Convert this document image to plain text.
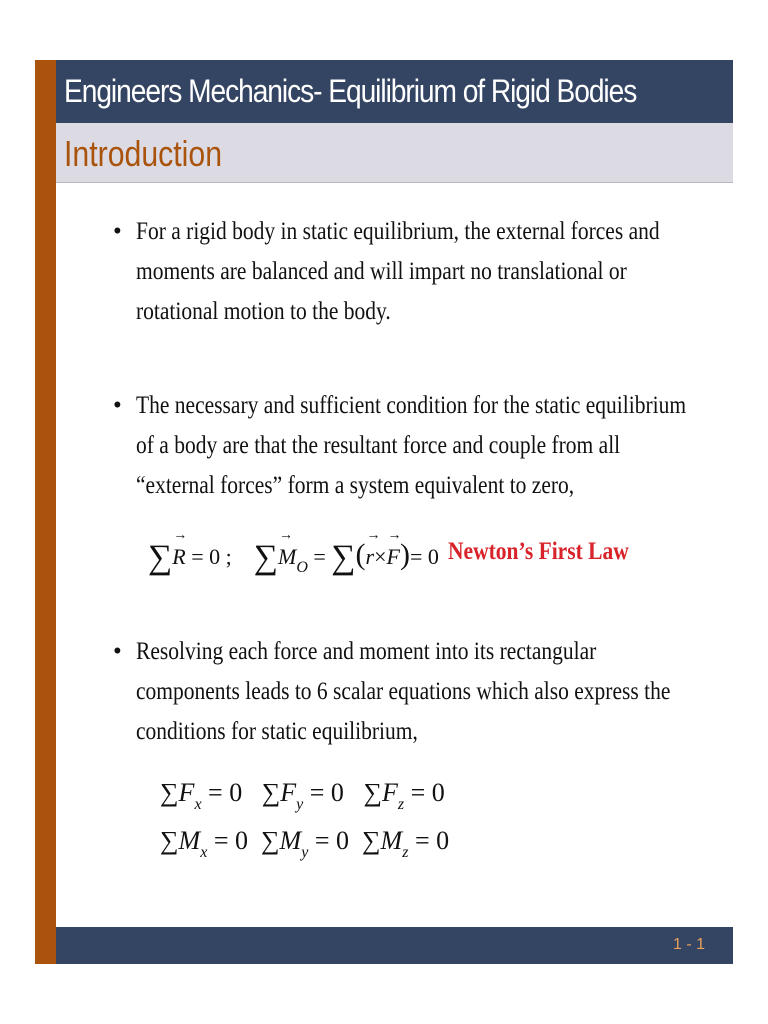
Engineers Mechanics- Equilibrium of Rigid Bodies
Introduction
• For a rigid body in static equilibrium, the external forces and moments are balanced and will impart no translational or rotational motion to the body.
• The necessary and sufficient condition for the static equilibrium of a body are that the resultant force and couple from all “external forces” form a system equivalent to zero,
∑→ R = 0 ; ∑→ $M_O$ = ∑(→ r×→ F)= 0 Newton’s First Law
• Resolving each force and moment into its rectangular components leads to 6 scalar equations which also express the conditions for static equilibrium,
$\sum F_x = 0$ $\sum F_y = 0$ $\sum F_z = 0$
$\sum M_x = 0$ $\sum M_y = 0$ $\sum M_z = 0$
1 - 1
